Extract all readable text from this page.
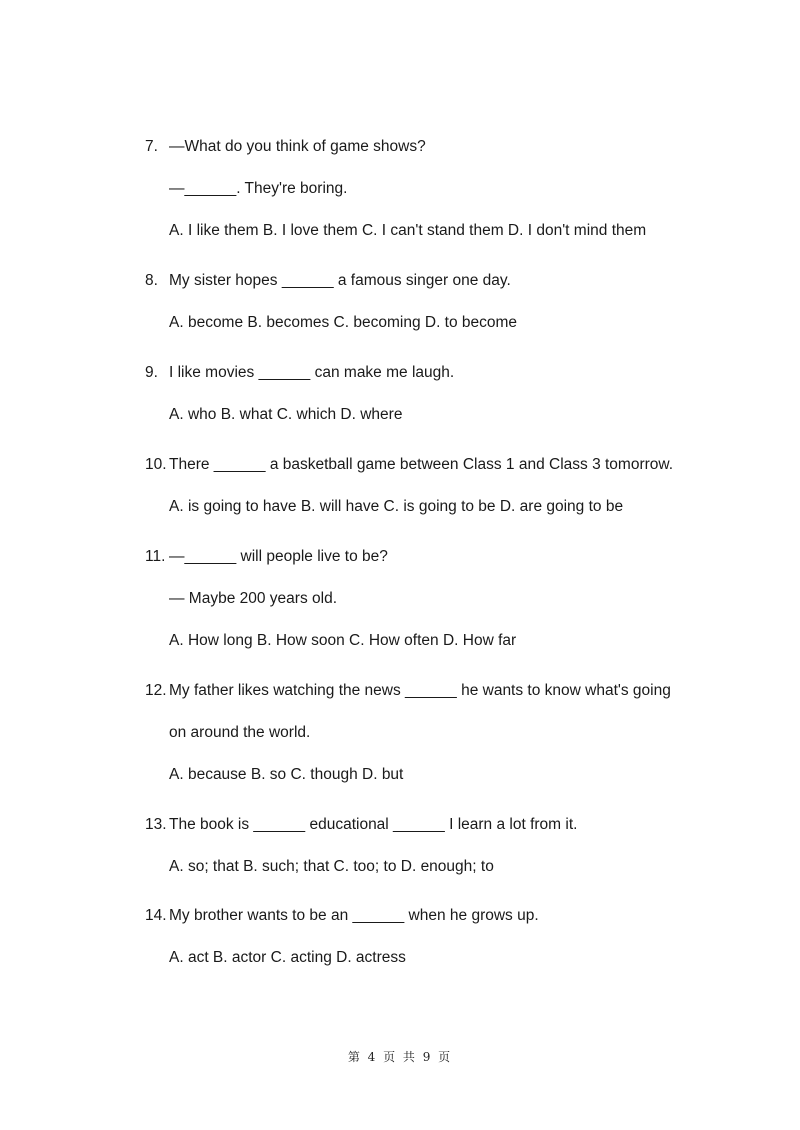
7. —What do you think of game shows?
—______. They're boring.
A. I like them B. I love them C. I can't stand them D. I don't mind them
8. My sister hopes ______ a famous singer one day.
A. become B. becomes C. becoming D. to become
9. I like movies ______ can make me laugh.
A. who B. what C. which D. where
10. There ______ a basketball game between Class 1 and Class 3 tomorrow.
A. is going to have B. will have C. is going to be D. are going to be
11. —______ will people live to be?
— Maybe 200 years old.
A. How long B. How soon C. How often D. How far
12. My father likes watching the news ______ he wants to know what's going
on around the world.
A. because B. so C. though D. but
13. The book is ______ educational ______ I learn a lot from it.
A. so; that B. such; that C. too; to D. enough; to
14. My brother wants to be an ______ when he grows up.
A. act B. actor C. acting D. actress
第 4 页 共 9 页
